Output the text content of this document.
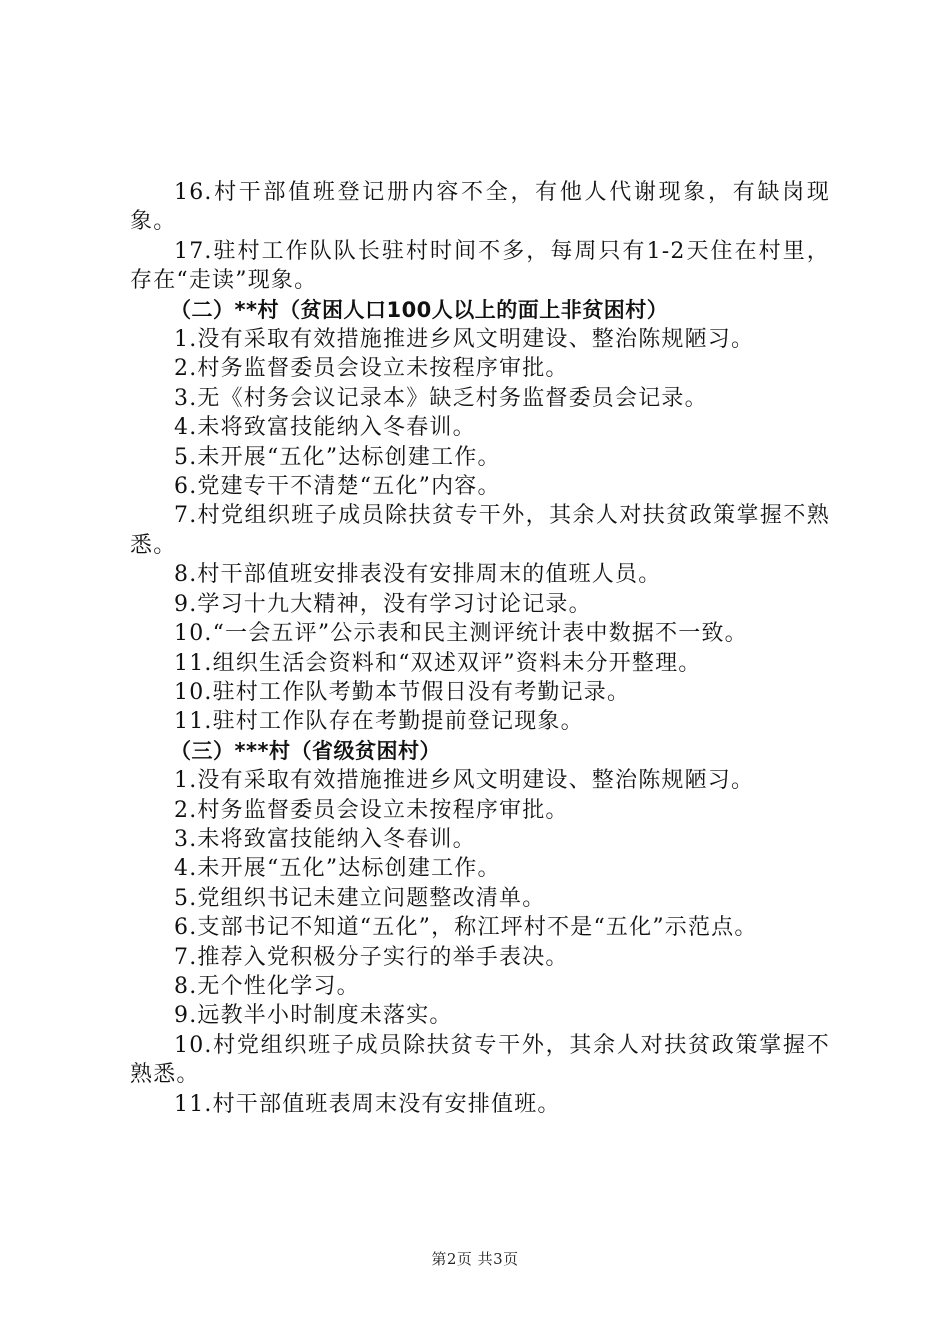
16.村干部值班登记册内容不全，有他人代谢现象，有缺岗现象。

17.驻村工作队队长驻村时间不多，每周只有1-2天住在村里，存在“走读”现象。

（二）**村（贫困人口100人以上的面上非贫困村）

1.没有采取有效措施推进乡风文明建设、整治陈规陋习。

2.村务监督委员会设立未按程序审批。

3.无《村务会议记录本》缺乏村务监督委员会记录。

4.未将致富技能纳入冬春训。

5.未开展“五化”达标创建工作。

6.党建专干不清楚“五化”内容。

7.村党组织班子成员除扶贫专干外，其余人对扶贫政策掌握不熟悉。

8.村干部值班安排表没有安排周末的值班人员。

9.学习十九大精神，没有学习讨论记录。

10.“一会五评”公示表和民主测评统计表中数据不一致。

11.组织生活会资料和“双述双评”资料未分开整理。

10.驻村工作队考勤本节假日没有考勤记录。

11.驻村工作队存在考勤提前登记现象。

（三）***村（省级贫困村）

1.没有采取有效措施推进乡风文明建设、整治陈规陋习。

2.村务监督委员会设立未按程序审批。

3.未将致富技能纳入冬春训。

4.未开展“五化”达标创建工作。

5.党组织书记未建立问题整改清单。

6.支部书记不知道“五化”，称江坪村不是“五化”示范点。

7.推荐入党积极分子实行的举手表决。

8.无个性化学习。

9.远教半小时制度未落实。

10.村党组织班子成员除扶贫专干外，其余人对扶贫政策掌握不熟悉。

11.村干部值班表周末没有安排值班。

第2页 共3页
